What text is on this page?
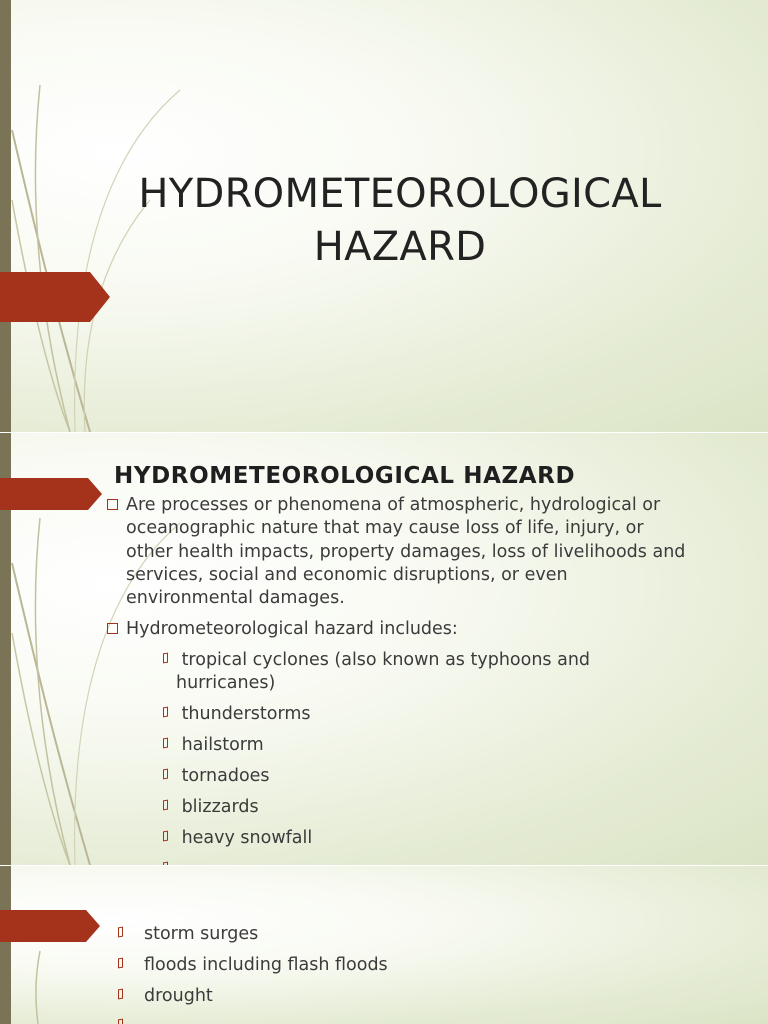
HYDROMETEOROLOGICAL HAZARD
HYDROMETEOROLOGICAL HAZARD
Are processes or phenomena of atmospheric, hydrological or
oceanographic nature that may cause loss of life, injury, or
other health impacts, property damages, loss of livelihoods and
services, social and economic disruptions, or even
environmental damages.
Hydrometeorological hazard includes:
tropical cyclones (also known as typhoons and
hurricanes)
thunderstorms
hailstorm
tornadoes
blizzards
heavy snowfall
storm surges
floods including flash floods
drought
